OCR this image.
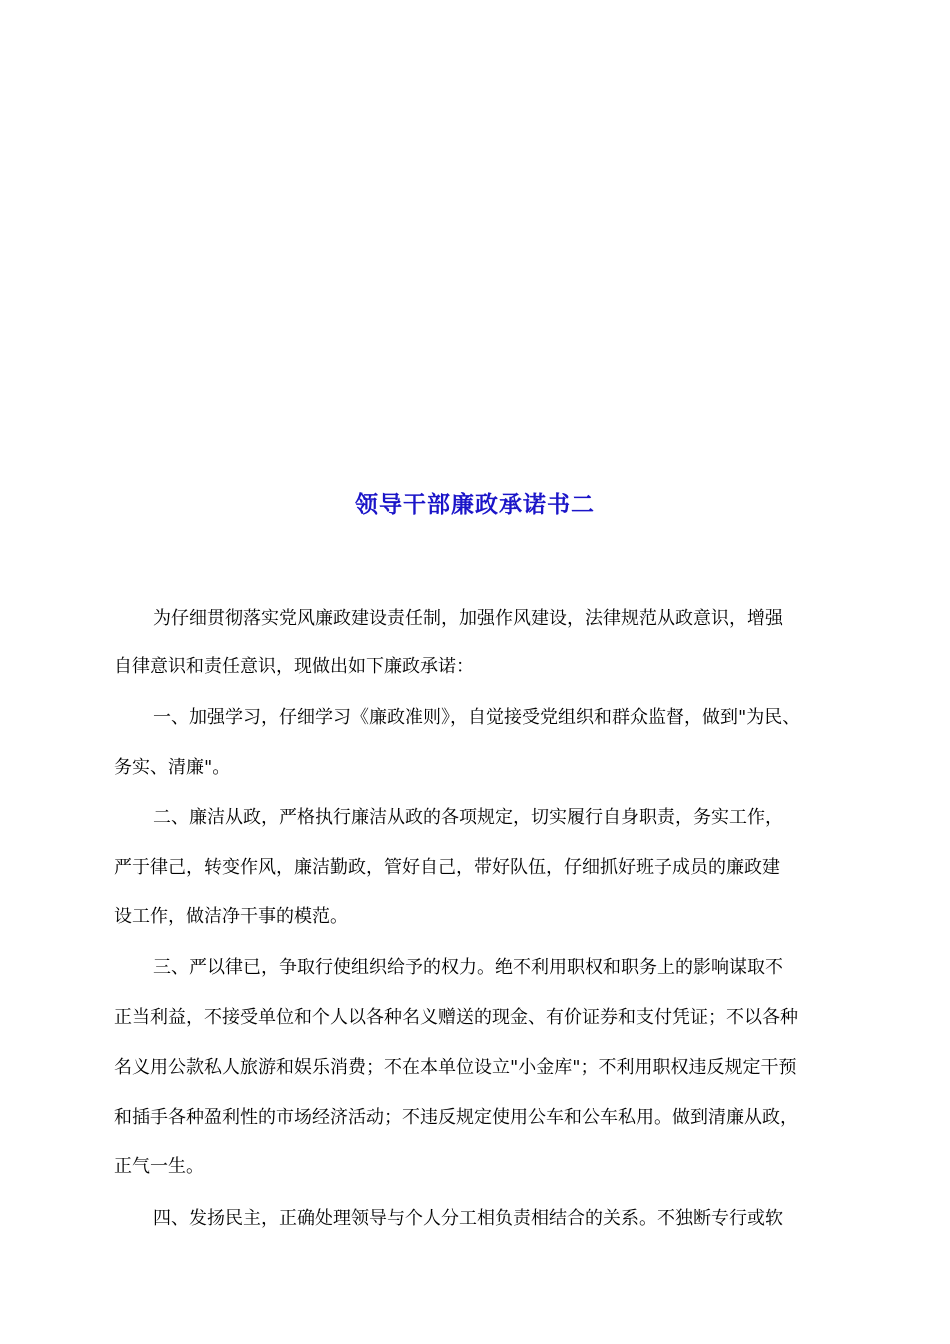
领导干部廉政承诺书二

为仔细贯彻落实党风廉政建设责任制，加强作风建设，法律规范从政意识，增强

自律意识和责任意识，现做出如下廉政承诺：

一、加强学习，仔细学习《廉政准则》，自觉接受党组织和群众监督，做到"为民、

务实、清廉"。

二、廉洁从政，严格执行廉洁从政的各项规定，切实履行自身职责，务实工作，

严于律己，转变作风，廉洁勤政，管好自己，带好队伍，仔细抓好班子成员的廉政建

设工作，做洁净干事的模范。

三、严以律已，争取行使组织给予的权力。绝不利用职权和职务上的影响谋取不

正当利益，不接受单位和个人以各种名义赠送的现金、有价证券和支付凭证；不以各种

名义用公款私人旅游和娱乐消费；不在本单位设立"小金库"；不利用职权违反规定干预

和插手各种盈利性的市场经济活动；不违反规定使用公车和公车私用。做到清廉从政，

正气一生。

四、发扬民主，正确处理领导与个人分工相负责相结合的关系。不独断专行或软
